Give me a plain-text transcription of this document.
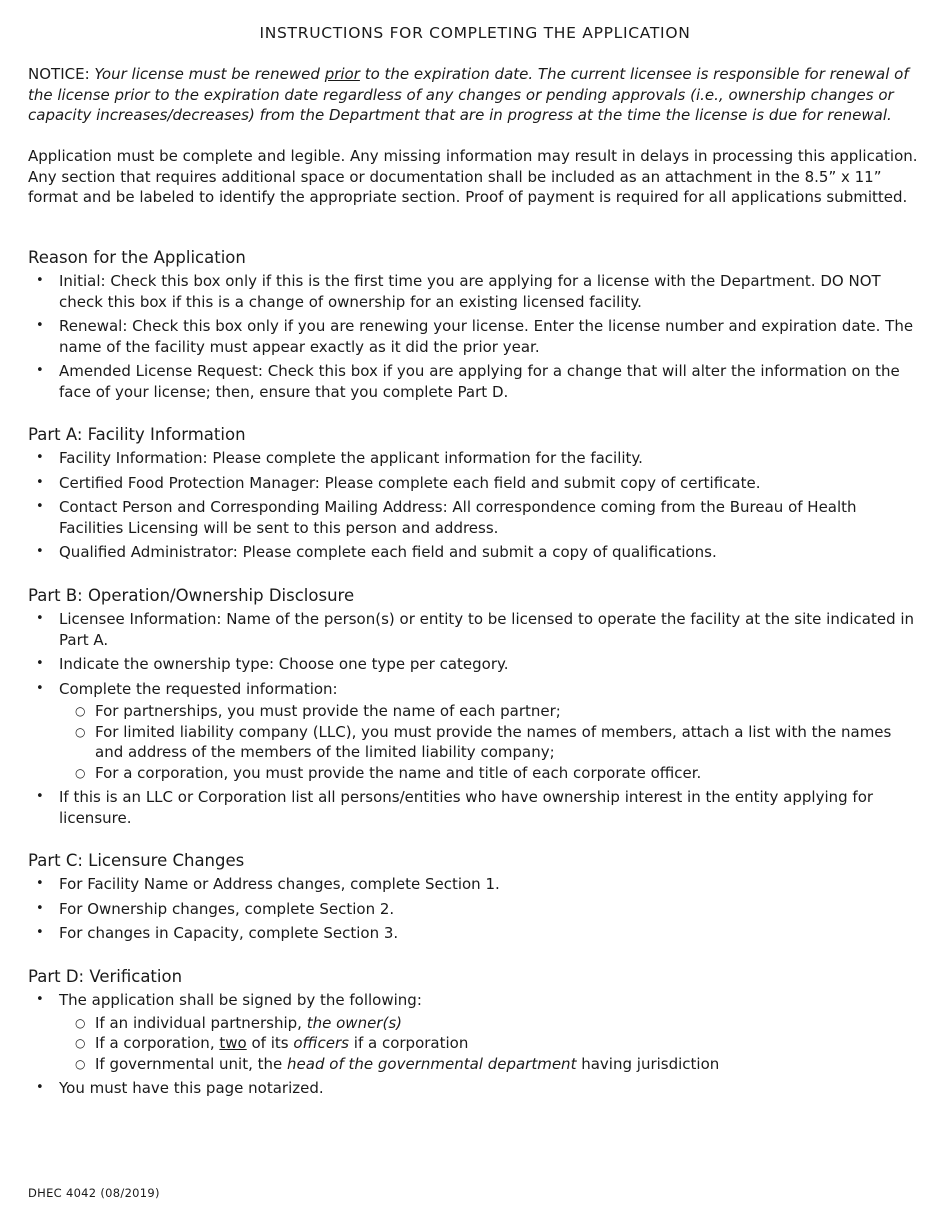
INSTRUCTIONS FOR COMPLETING THE APPLICATION

NOTICE: Your license must be renewed prior to the expiration date. The current licensee is responsible for renewal of the license prior to the expiration date regardless of any changes or pending approvals (i.e., ownership changes or capacity increases/decreases) from the Department that are in progress at the time the license is due for renewal.

Application must be complete and legible. Any missing information may result in delays in processing this application. Any section that requires additional space or documentation shall be included as an attachment in the 8.5” x 11” format and be labeled to identify the appropriate section. Proof of payment is required for all applications submitted.

Reason for the Application
• Initial: Check this box only if this is the first time you are applying for a license with the Department. DO NOT check this box if this is a change of ownership for an existing licensed facility.
• Renewal: Check this box only if you are renewing your license. Enter the license number and expiration date. The name of the facility must appear exactly as it did the prior year.
• Amended License Request: Check this box if you are applying for a change that will alter the information on the face of your license; then, ensure that you complete Part D.
Part A: Facility Information
• Facility Information: Please complete the applicant information for the facility.
• Certified Food Protection Manager: Please complete each field and submit copy of certificate.
• Contact Person and Corresponding Mailing Address: All correspondence coming from the Bureau of Health Facilities Licensing will be sent to this person and address.
• Qualified Administrator: Please complete each field and submit a copy of qualifications.
Part B: Operation/Ownership Disclosure
• Licensee Information: Name of the person(s) or entity to be licensed to operate the facility at the site indicated in Part A.
• Indicate the ownership type: Choose one type per category.
• Complete the requested information:
○ For partnerships, you must provide the name of each partner;
○ For limited liability company (LLC), you must provide the names of members, attach a list with the names and address of the members of the limited liability company;
○ For a corporation, you must provide the name and title of each corporate officer.
• If this is an LLC or Corporation list all persons/entities who have ownership interest in the entity applying for licensure.
Part C: Licensure Changes
• For Facility Name or Address changes, complete Section 1.
• For Ownership changes, complete Section 2.
• For changes in Capacity, complete Section 3.
Part D: Verification
• The application shall be signed by the following:
○ If an individual partnership, the owner(s)
○ If a corporation, two of its officers if a corporation
○ If governmental unit, the head of the governmental department having jurisdiction
• You must have this page notarized.
DHEC 4042 (08/2019)
